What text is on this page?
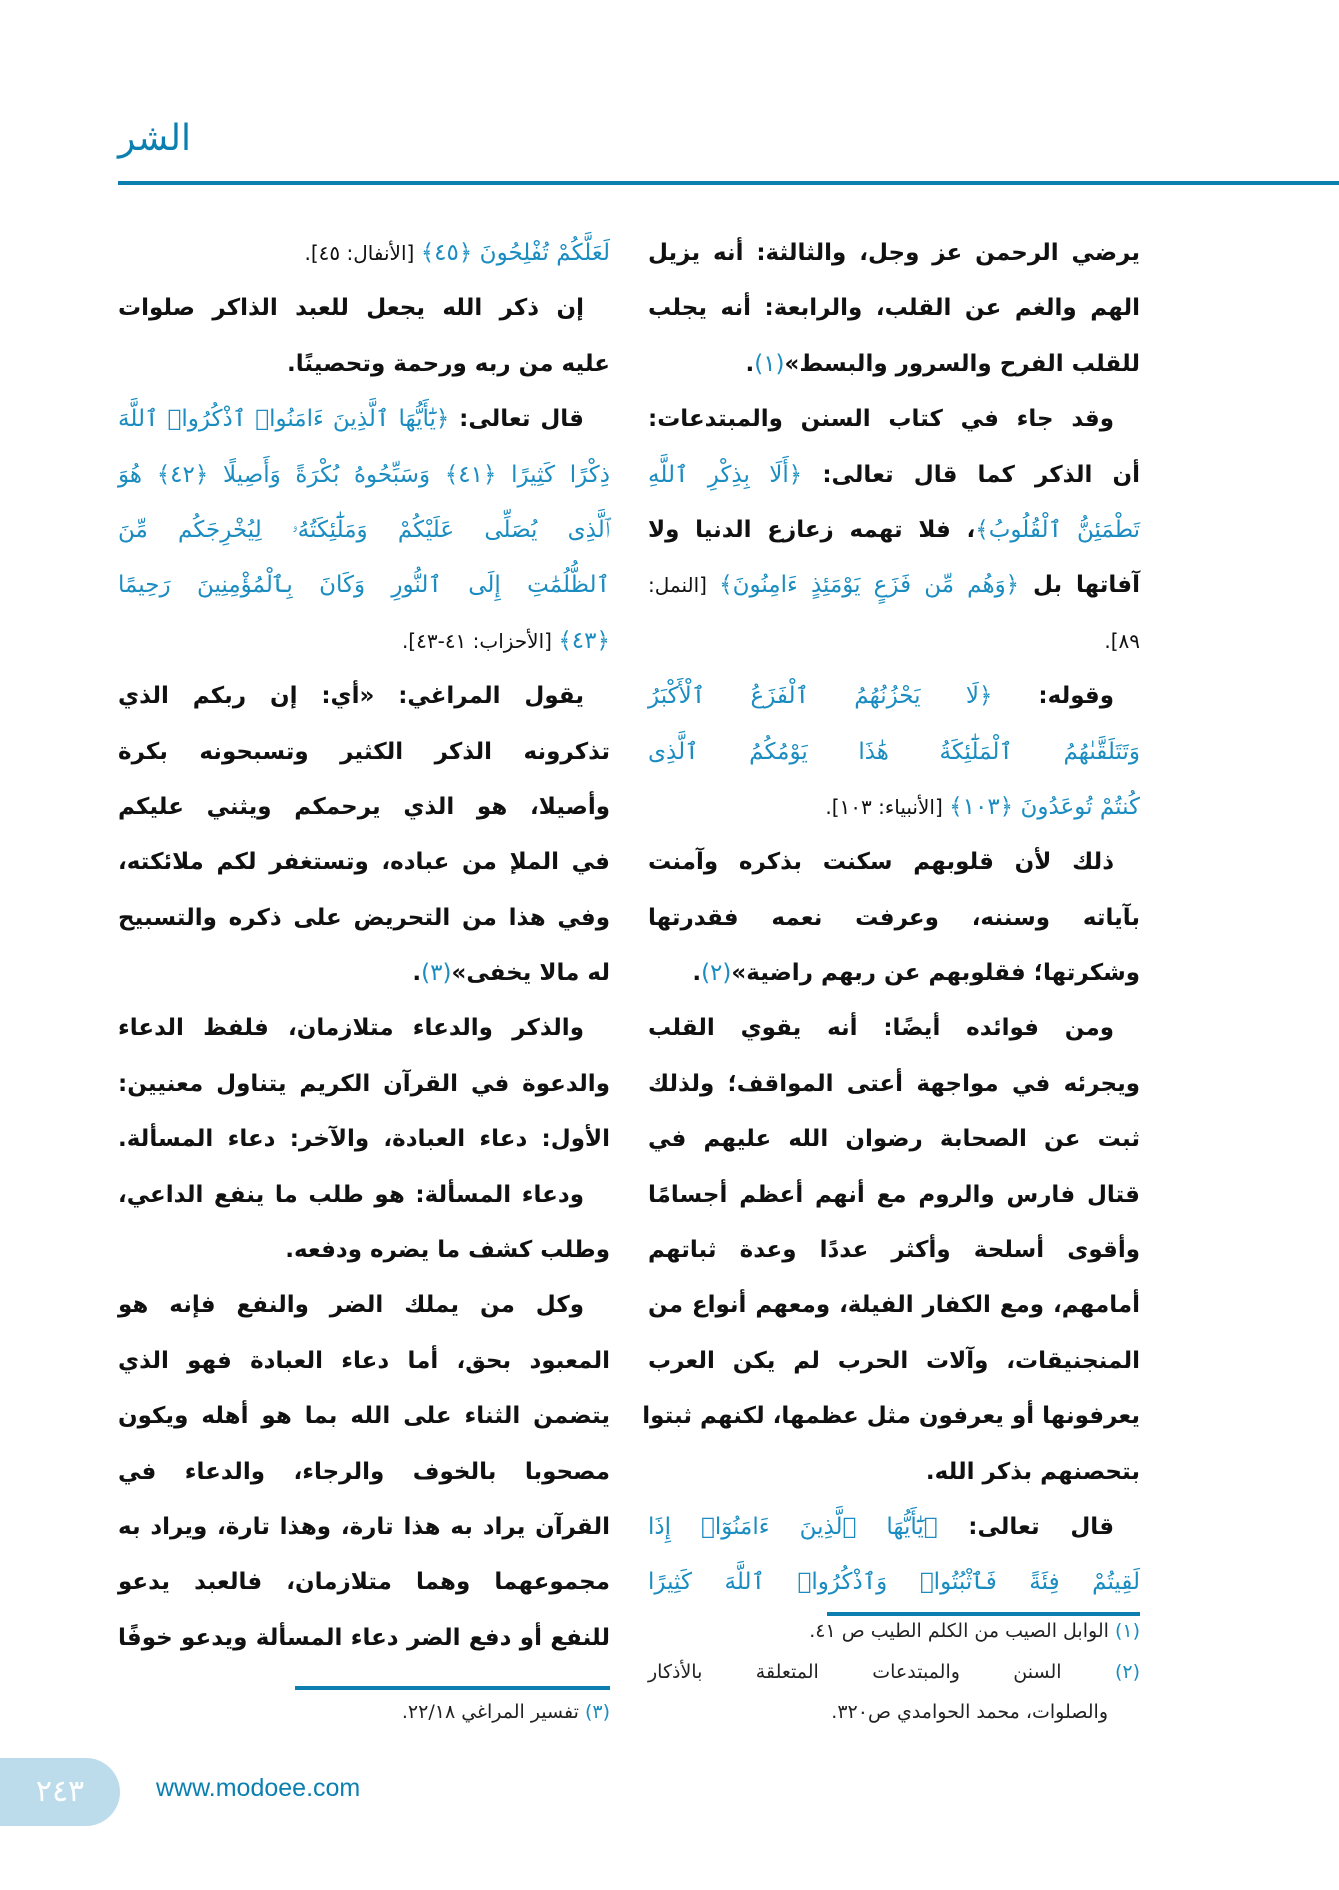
الشر
يرضي الرحمن عز وجل، والثالثة: أنه يزيل
الهم والغم عن القلب، والرابعة: أنه يجلب
للقلب الفرح والسرور والبسط»(١).
وقد جاء في كتاب السنن والمبتدعات:
أن الذكر كما قال تعالى: ﴿أَلَا بِذِكْرِ ٱللَّهِ
تَطْمَئِنُّ ٱلْقُلُوبُ﴾، فلا تهمه زعازع الدنيا ولا
آفاتها بل ﴿وَهُم مِّن فَزَعٍ يَوْمَئِذٍ ءَامِنُونَ﴾ [النمل:
٨٩].
وقوله: ﴿لَا يَحْزُنُهُمُ ٱلْفَزَعُ ٱلْأَكْبَرُ
وَتَتَلَقَّىٰهُمُ ٱلْمَلَٰٓئِكَةُ هَٰذَا يَوْمُكُمُ ٱلَّذِى
كُنتُمْ تُوعَدُونَ ﴿١٠٣﴾ [الأنبياء: ١٠٣].
ذلك لأن قلوبهم سكنت بذكره وآمنت
بآياته وسننه، وعرفت نعمه فقدرتها
وشكرتها؛ فقلوبهم عن ربهم راضية»(٢).
ومن فوائده أيضًا: أنه يقوي القلب
ويجرئه في مواجهة أعتى المواقف؛ ولذلك
ثبت عن الصحابة رضوان الله عليهم في
قتال فارس والروم مع أنهم أعظم أجسامًا
وأقوى أسلحة وأكثر عددًا وعدة ثباتهم
أمامهم، ومع الكفار الفيلة، ومعهم أنواع من
المنجنيقات، وآلات الحرب لم يكن العرب
يعرفونها أو يعرفون مثل عظمها، لكنهم ثبتوا
بتحصنهم بذكر الله.
قال تعالى: ﴿يَٰٓأَيُّهَا ٱلَّذِينَ ءَامَنُوٓا۟ إِذَا
لَقِيتُمْ فِئَةً فَٱثْبُتُوا۟ وَٱذْكُرُوا۟ ٱللَّهَ كَثِيرًا
لَعَلَّكُمْ تُفْلِحُونَ ﴿٤٥﴾ [الأنفال: ٤٥].
إن ذكر الله يجعل للعبد الذاكر صلوات
عليه من ربه ورحمة وتحصينًا.
قال تعالى: ﴿يَٰٓأَيُّهَا ٱلَّذِينَ ءَامَنُوا۟ ٱذْكُرُوا۟ ٱللَّهَ
ذِكْرًا كَثِيرًا ﴿٤١﴾ وَسَبِّحُوهُ بُكْرَةً وَأَصِيلًا ﴿٤٢﴾ هُوَ
ٱلَّذِى يُصَلِّى عَلَيْكُمْ وَمَلَٰٓئِكَتُهُۥ لِيُخْرِجَكُم مِّنَ
ٱلظُّلُمَٰتِ إِلَى ٱلنُّورِ وَكَانَ بِٱلْمُؤْمِنِينَ رَحِيمًا
﴿٤٣﴾ [الأحزاب: ٤١-٤٣].
يقول المراغي: «أي: إن ربكم الذي
تذكرونه الذكر الكثير وتسبحونه بكرة
وأصيلا، هو الذي يرحمكم ويثني عليكم
في الملإ من عباده، وتستغفر لكم ملائكته،
وفي هذا من التحريض على ذكره والتسبيح
له مالا يخفى»(٣).
والذكر والدعاء متلازمان، فلفظ الدعاء
والدعوة في القرآن الكريم يتناول معنيين:
الأول: دعاء العبادة، والآخر: دعاء المسألة.
ودعاء المسألة: هو طلب ما ينفع الداعي،
وطلب كشف ما يضره ودفعه.
وكل من يملك الضر والنفع فإنه هو
المعبود بحق، أما دعاء العبادة فهو الذي
يتضمن الثناء على الله بما هو أهله ويكون
مصحوبا بالخوف والرجاء، والدعاء في
القرآن يراد به هذا تارة، وهذا تارة، ويراد به
مجموعهما وهما متلازمان، فالعبد يدعو
للنفع أو دفع الضر دعاء المسألة ويدعو خوفًا	(١) الوابل الصيب من الكلم الطيب ص ٤١.
(٢) السنن والمبتدعات المتعلقة بالأذكار
والصلوات، محمد الحوامدي ص٣٢٠.
(٣) تفسير المراغي ٢٢/١٨.
٢٤٣	www.modoee.com
